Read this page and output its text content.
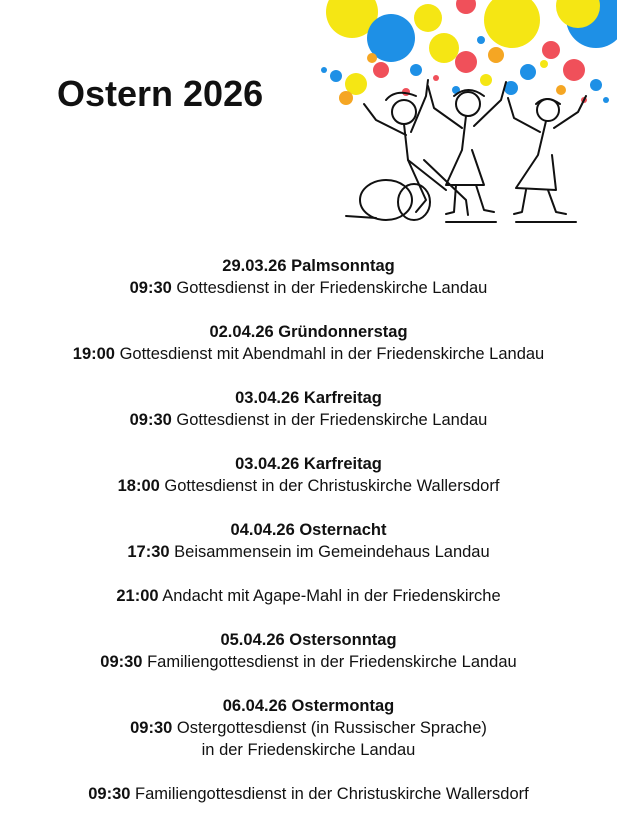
Ostern 2026
29.03.26 Palmsonntag
09:30 Gottesdienst in der Friedenskirche Landau
02.04.26 Gründonnerstag
19:00 Gottesdienst mit Abendmahl in der Friedenskirche Landau
03.04.26 Karfreitag
09:30 Gottesdienst in der Friedenskirche Landau
03.04.26 Karfreitag
18:00 Gottesdienst in der Christuskirche Wallersdorf
04.04.26 Osternacht
17:30 Beisammensein im Gemeindehaus Landau
21:00 Andacht mit Agape-Mahl in der Friedenskirche
05.04.26 Ostersonntag
09:30 Familiengottesdienst in der Friedenskirche Landau
06.04.26 Ostermontag
09:30 Ostergottesdienst (in Russischer Sprache)
in der Friedenskirche Landau
09:30 Familiengottesdienst in der Christuskirche Wallersdorf
